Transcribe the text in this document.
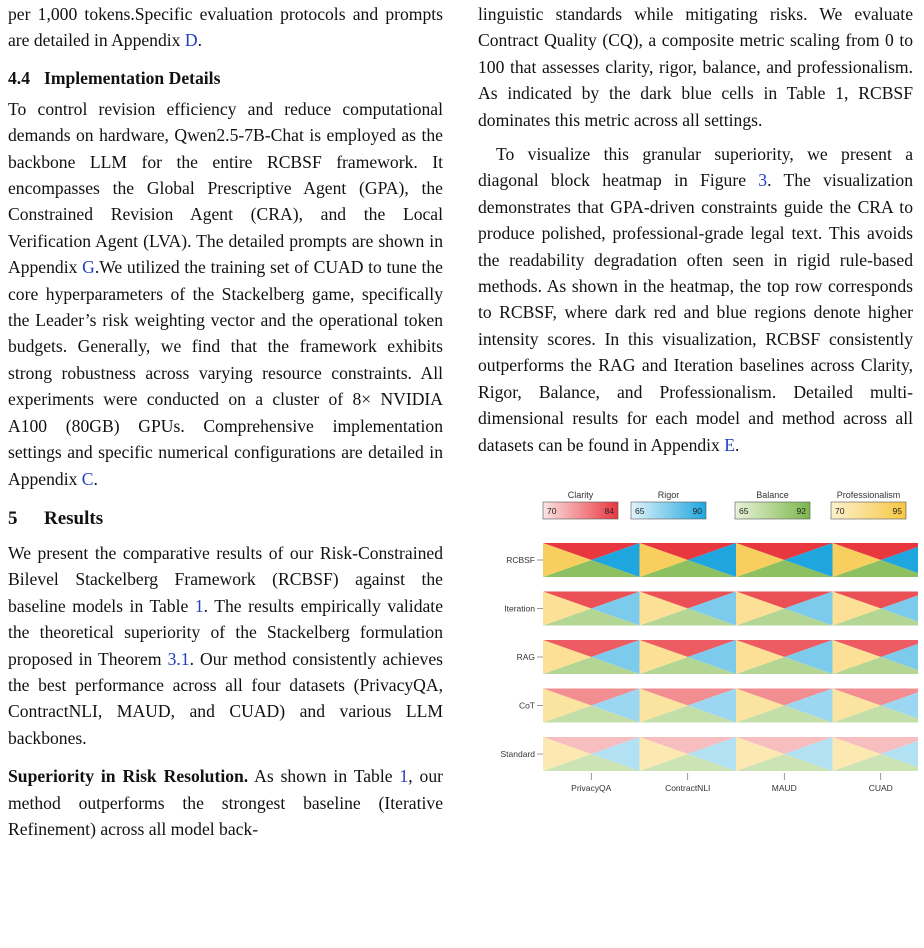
per 1,000 tokens.Specific evaluation protocols and prompts are detailed in Appendix D.

4.4 Implementation Details

To control revision efficiency and reduce computational demands on hardware, Qwen2.5-7B-Chat is employed as the backbone LLM for the entire RCBSF framework. It encompasses the Global Prescriptive Agent (GPA), the Constrained Revision Agent (CRA), and the Local Verification Agent (LVA). The detailed prompts are shown in Appendix G.We utilized the training set of CUAD to tune the core hyperparameters of the Stackelberg game, specifically the Leader’s risk weighting vector and the operational token budgets. Generally, we find that the framework exhibits strong robustness across varying resource constraints. All experiments were conducted on a cluster of 8× NVIDIA A100 (80GB) GPUs. Comprehensive implementation settings and specific numerical configurations are detailed in Appendix C.

5 Results

We present the comparative results of our Risk-Constrained Bilevel Stackelberg Framework (RCBSF) against the baseline models in Table 1. The results empirically validate the theoretical superiority of the Stackelberg formulation proposed in Theorem 3.1. Our method consistently achieves the best performance across all four datasets (PrivacyQA, ContractNLI, MAUD, and CUAD) and various LLM backbones.

Superiority in Risk Resolution. As shown in Table 1, our method outperforms the strongest baseline (Iterative Refinement) across all model back-

linguistic standards while mitigating risks. We evaluate Contract Quality (CQ), a composite metric scaling from 0 to 100 that assesses clarity, rigor, balance, and professionalism. As indicated by the dark blue cells in Table 1, RCBSF dominates this metric across all settings.

To visualize this granular superiority, we present a diagonal block heatmap in Figure 3. The visualization demonstrates that GPA-driven constraints guide the CRA to produce polished, professional-grade legal text. This avoids the readability degradation often seen in rigid rule-based methods. As shown in the heatmap, the top row corresponds to RCBSF, where dark red and blue regions denote higher intensity scores. In this visualization, RCBSF consistently outperforms the RAG and Iteration baselines across Clarity, Rigor, Balance, and Professionalism. Detailed multi-dimensional results for each model and method across all datasets can be found in Appendix E.

Clarity
70	84
Rigor
65	90
Balance
65	92
Professionalism
70	95
RCBSF
Iteration
RAG
CoT
Standard
PrivacyQA	ContractNLI	MAUD	CUAD
